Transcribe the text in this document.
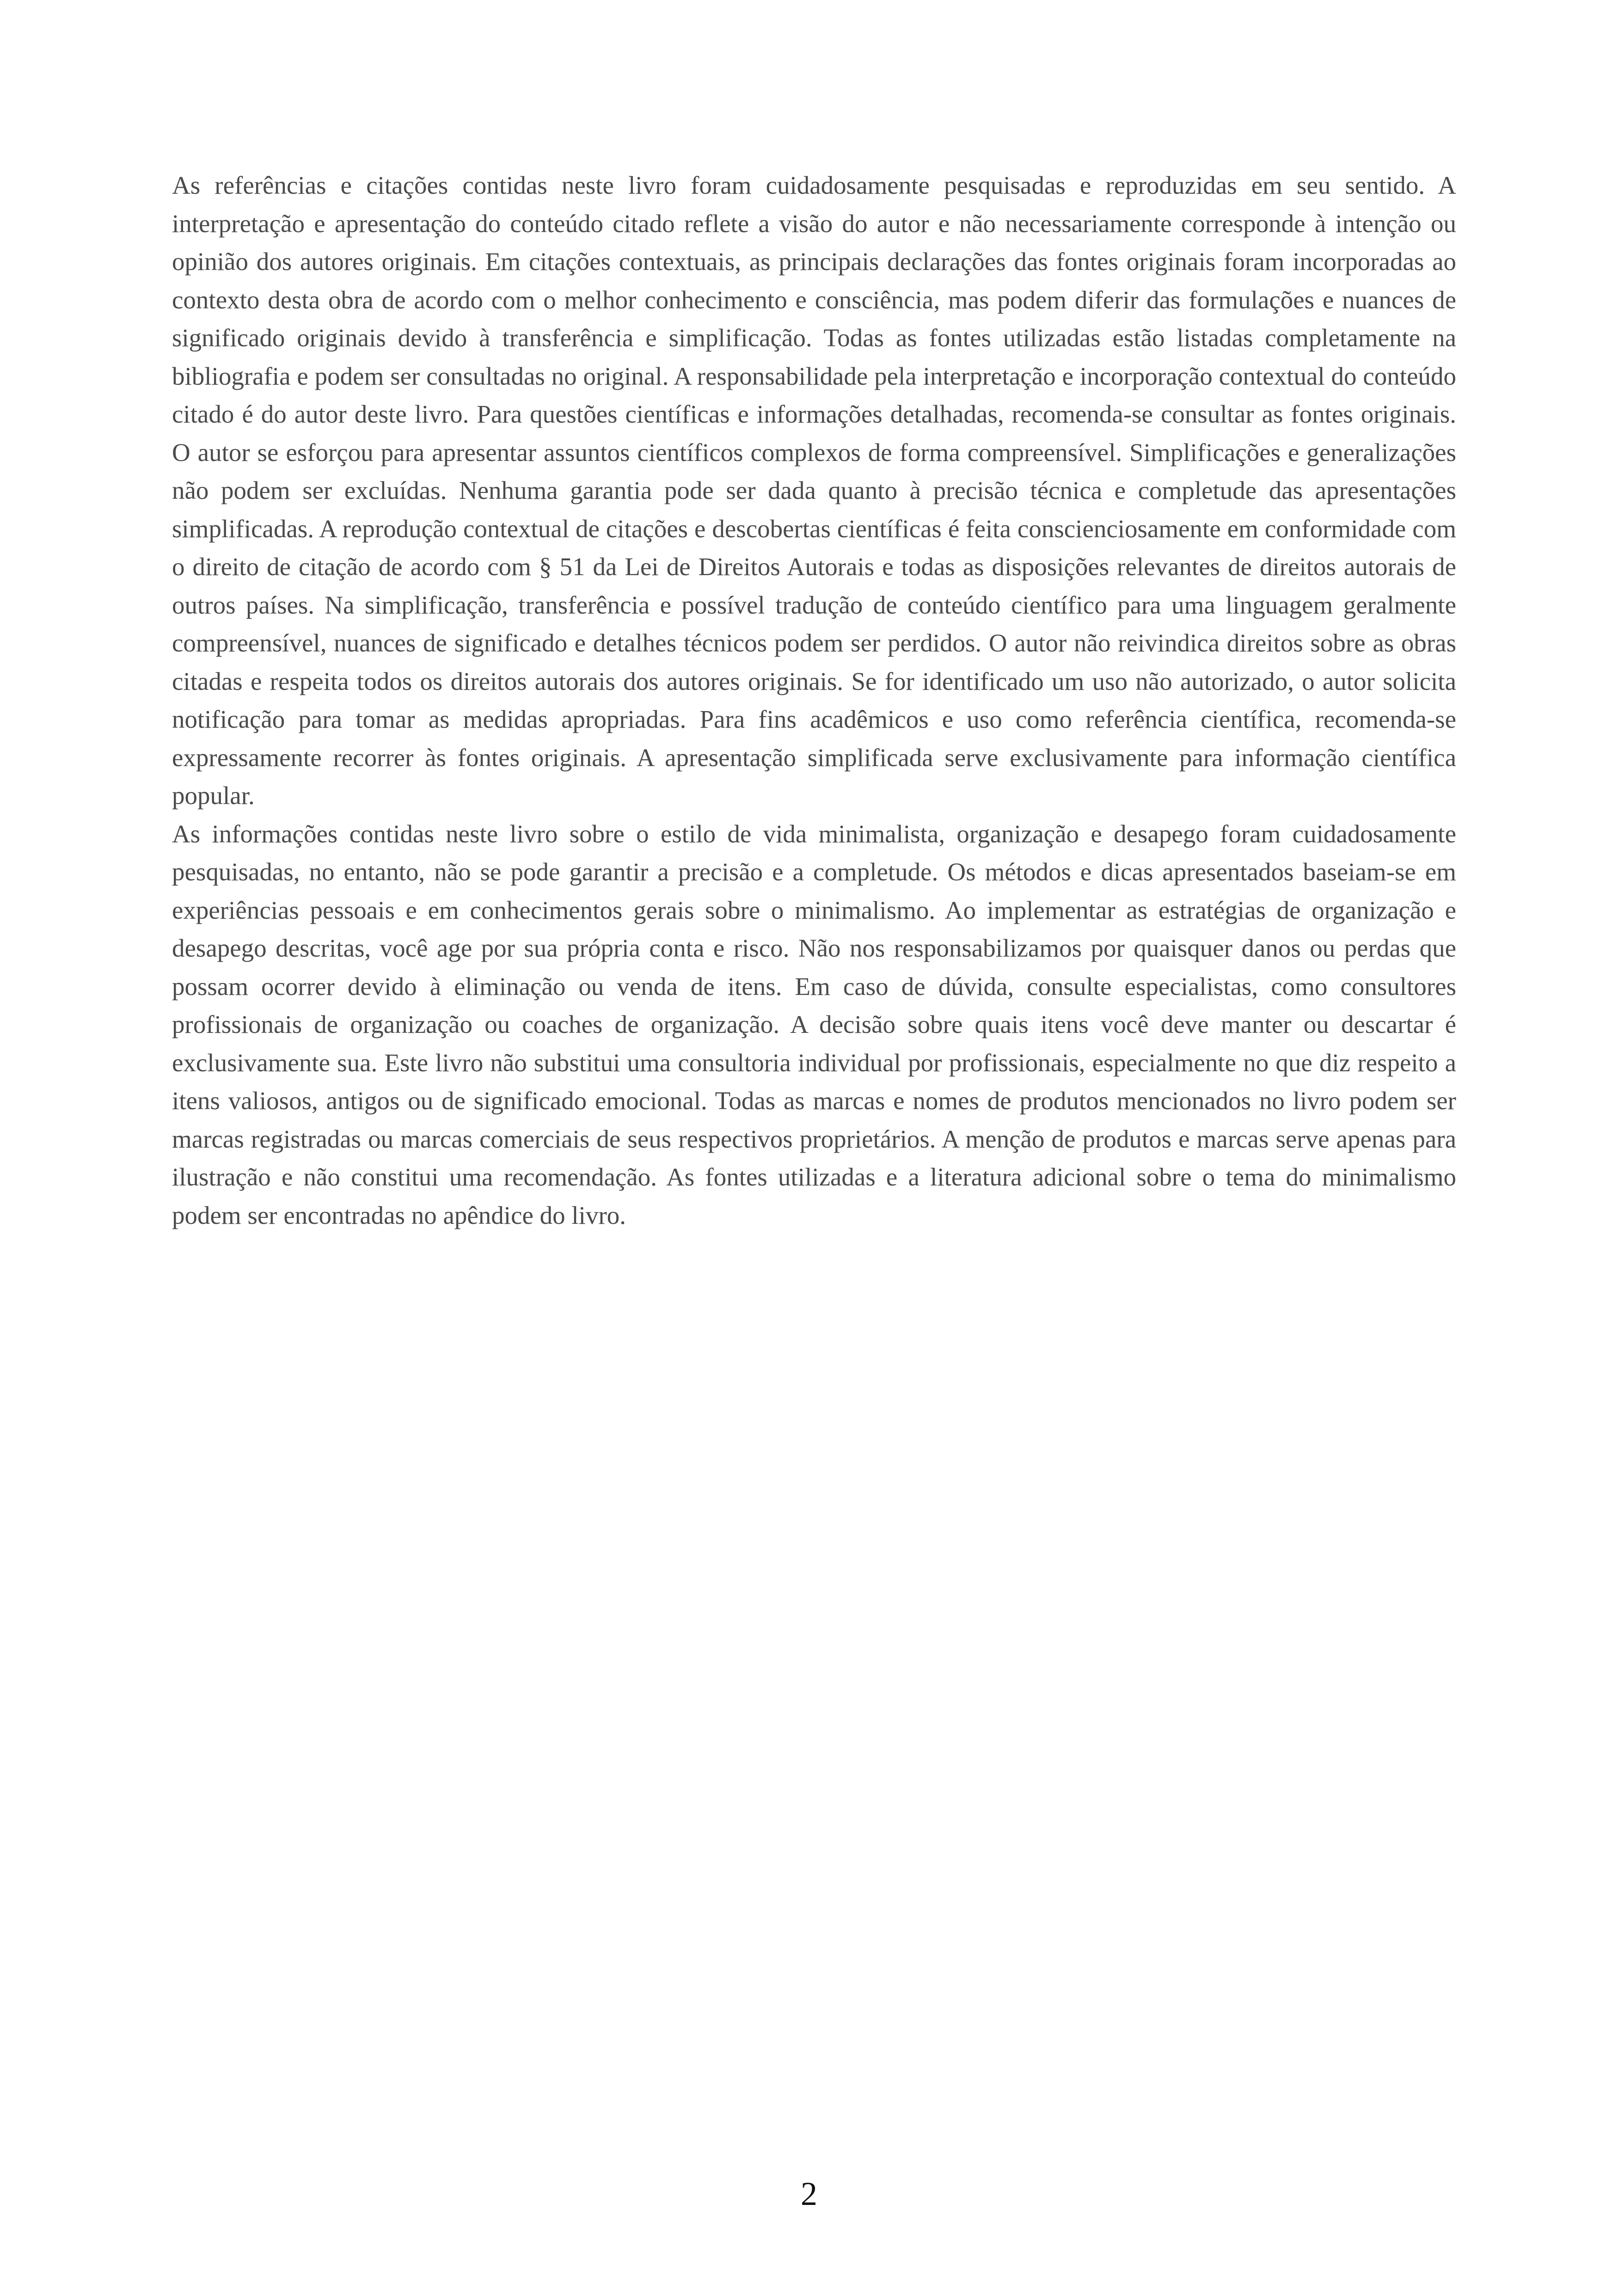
As referências e citações contidas neste livro foram cuidadosamente pesquisadas e reproduzidas em seu sentido. A interpretação e apresentação do conteúdo citado reflete a visão do autor e não necessariamente corresponde à intenção ou opinião dos autores originais. Em citações contextuais, as principais declarações das fontes originais foram incorporadas ao contexto desta obra de acordo com o melhor conhecimento e consciência, mas podem diferir das formulações e nuances de significado originais devido à transferência e simplificação. Todas as fontes utilizadas estão listadas completamente na bibliografia e podem ser consultadas no original. A responsabilidade pela interpretação e incorporação contextual do conteúdo citado é do autor deste livro. Para questões científicas e informações detalhadas, recomenda-se consultar as fontes originais. O autor se esforçou para apresentar assuntos científicos complexos de forma compreensível. Simplificações e generalizações não podem ser excluídas. Nenhuma garantia pode ser dada quanto à precisão técnica e completude das apresentações simplificadas. A reprodução contextual de citações e descobertas científicas é feita conscienciosamente em conformidade com o direito de citação de acordo com § 51 da Lei de Direitos Autorais e todas as disposições relevantes de direitos autorais de outros países. Na simplificação, transferência e possível tradução de conteúdo científico para uma linguagem geralmente compreensível, nuances de significado e detalhes técnicos podem ser perdidos. O autor não reivindica direitos sobre as obras citadas e respeita todos os direitos autorais dos autores originais. Se for identificado um uso não autorizado, o autor solicita notificação para tomar as medidas apropriadas. Para fins acadêmicos e uso como referência científica, recomenda-se expressamente recorrer às fontes originais. A apresentação simplificada serve exclusivamente para informação científica popular.

As informações contidas neste livro sobre o estilo de vida minimalista, organização e desapego foram cuidadosamente pesquisadas, no entanto, não se pode garantir a precisão e a completude. Os métodos e dicas apresentados baseiam-se em experiências pessoais e em conhecimentos gerais sobre o minimalismo. Ao implementar as estratégias de organização e desapego descritas, você age por sua própria conta e risco. Não nos responsabilizamos por quaisquer danos ou perdas que possam ocorrer devido à eliminação ou venda de itens. Em caso de dúvida, consulte especialistas, como consultores profissionais de organização ou coaches de organização. A decisão sobre quais itens você deve manter ou descartar é exclusivamente sua. Este livro não substitui uma consultoria individual por profissionais, especialmente no que diz respeito a itens valiosos, antigos ou de significado emocional. Todas as marcas e nomes de produtos mencionados no livro podem ser marcas registradas ou marcas comerciais de seus respectivos proprietários. A menção de produtos e marcas serve apenas para ilustração e não constitui uma recomendação. As fontes utilizadas e a literatura adicional sobre o tema do minimalismo podem ser encontradas no apêndice do livro.

2
